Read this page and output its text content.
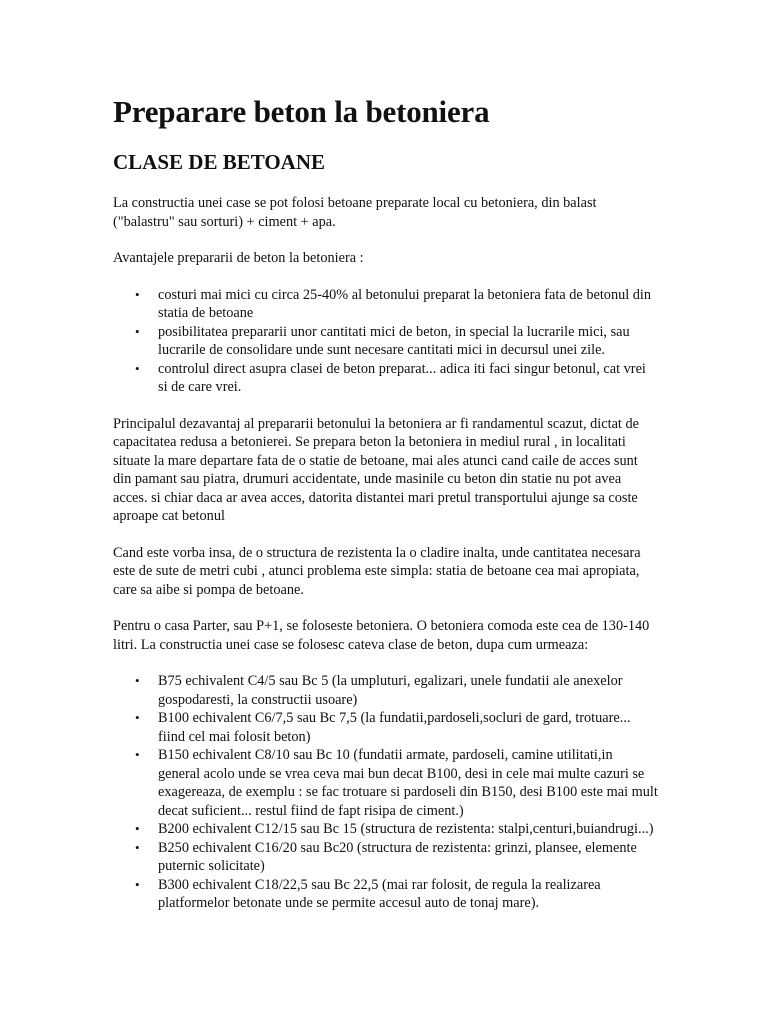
Preparare beton la betoniera
CLASE DE BETOANE

La constructia unei case se pot folosi betoane preparate local cu betoniera, din balast ("balastru" sau sorturi) + ciment + apa.

Avantajele prepararii de beton la betoniera :

• costuri mai mici cu circa 25-40% al betonului preparat la betoniera fata de betonul din statia de betoane
• posibilitatea prepararii unor cantitati mici de beton, in special la lucrarile mici, sau lucrarile de consolidare unde sunt necesare cantitati mici in decursul unei zile.
• controlul direct asupra clasei de beton preparat... adica iti faci singur betonul, cat vrei si de care vrei.

Principalul dezavantaj al prepararii betonului la betoniera ar fi randamentul scazut, dictat de capacitatea redusa a betonierei. Se prepara beton la betoniera in mediul rural , in localitati situate la mare departare fata de o statie de betoane, mai ales atunci cand caile de acces sunt din pamant sau piatra, drumuri accidentate, unde masinile cu beton din statie nu pot avea acces. si chiar daca ar avea acces, datorita distantei mari pretul transportului ajunge sa coste aproape cat betonul

Cand este vorba insa, de o structura de rezistenta la o cladire inalta, unde cantitatea necesara este de sute de metri cubi , atunci problema este simpla: statia de betoane cea mai apropiata, care sa aibe si pompa de betoane.

Pentru o casa Parter, sau P+1, se foloseste betoniera. O betoniera comoda este cea de 130-140 litri. La constructia unei case se folosesc cateva clase de beton, dupa cum urmeaza:

• B75 echivalent C4/5 sau Bc 5 (la umpluturi, egalizari, unele fundatii ale anexelor gospodaresti, la constructii usoare)
• B100 echivalent C6/7,5 sau Bc 7,5 (la fundatii,pardoseli,socluri de gard, trotuare... fiind cel mai folosit beton)
• B150 echivalent C8/10 sau Bc 10 (fundatii armate, pardoseli, camine utilitati,in general acolo unde se vrea ceva mai bun decat B100, desi in cele mai multe cazuri se exagereaza, de exemplu : se fac trotuare si pardoseli din B150, desi B100 este mai mult decat suficient... restul fiind de fapt risipa de ciment.)
• B200 echivalent C12/15 sau Bc 15 (structura de rezistenta: stalpi,centuri,buiandrugi...)
• B250 echivalent C16/20 sau Bc20 (structura de rezistenta: grinzi, plansee, elemente puternic solicitate)
• B300 echivalent C18/22,5 sau Bc 22,5 (mai rar folosit, de regula la realizarea platformelor betonate unde se permite accesul auto de tonaj mare).
